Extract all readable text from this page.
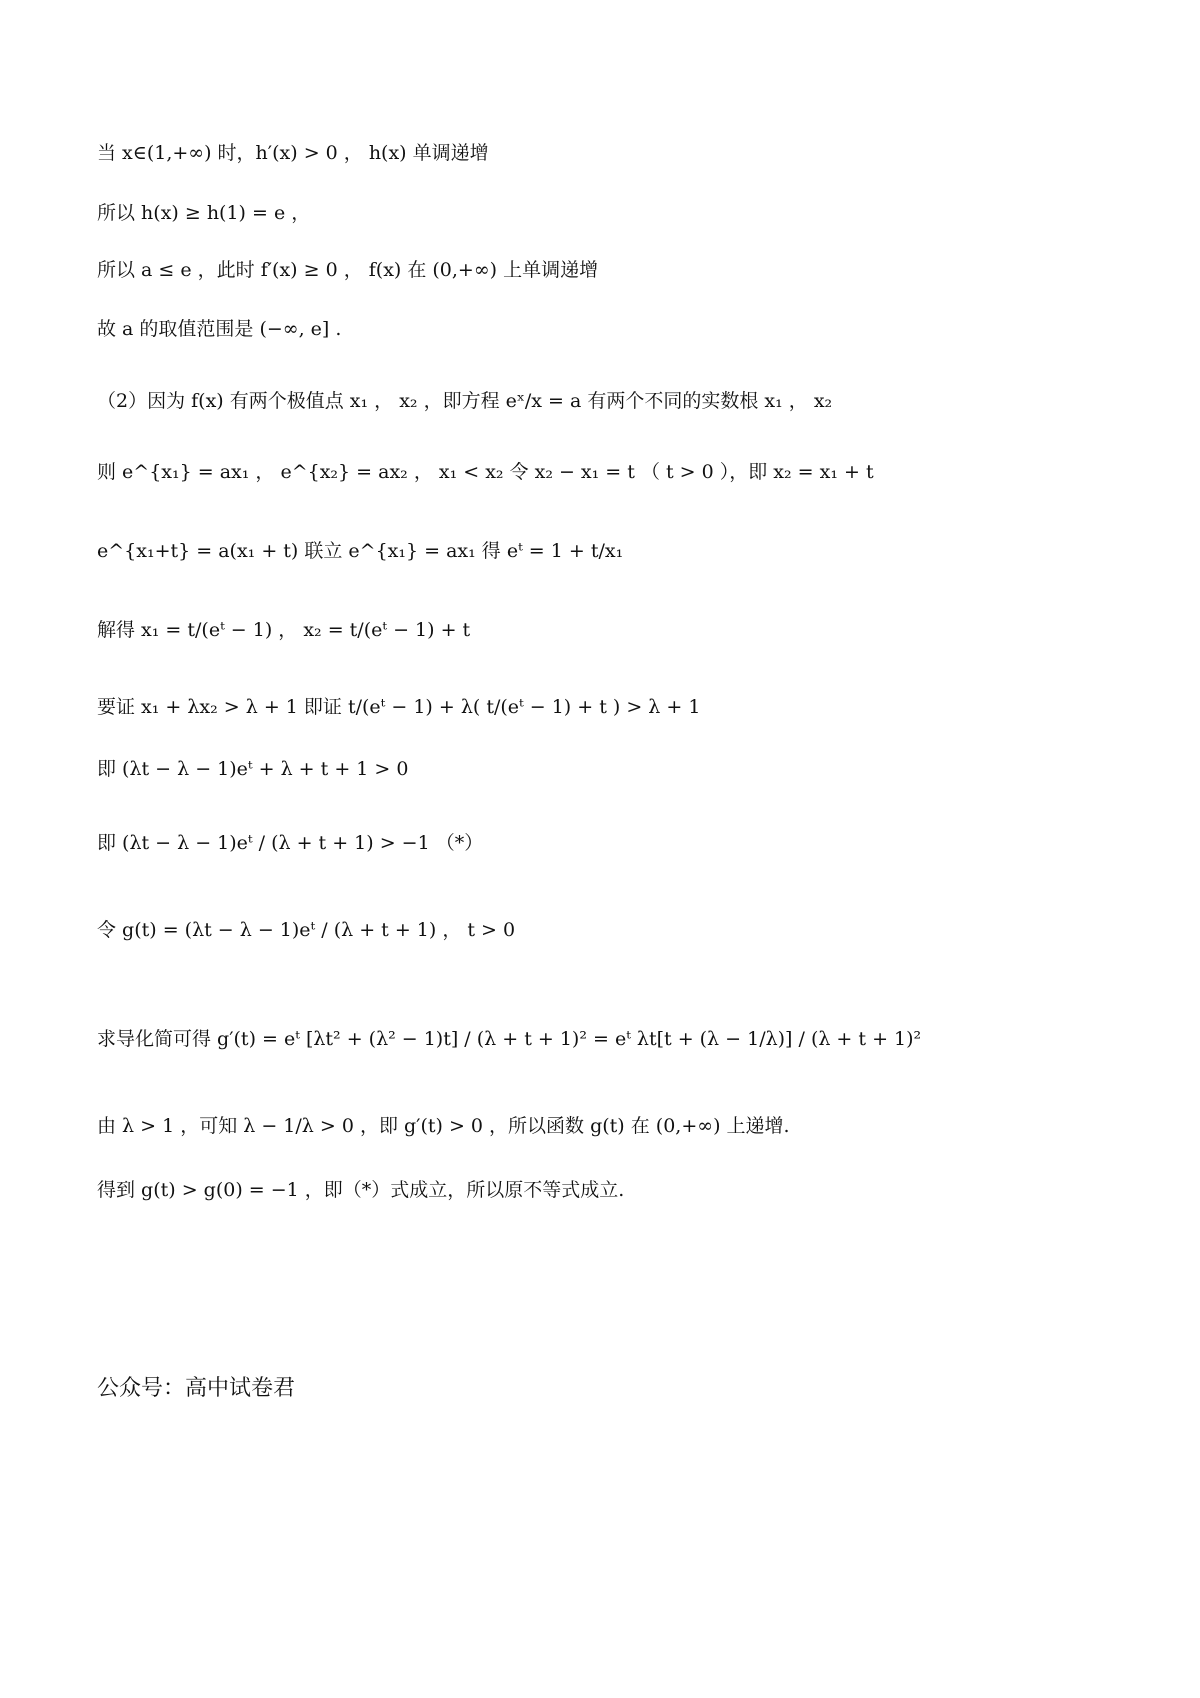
当 x∈(1,+∞) 时，h′(x) > 0 ， h(x) 单调递增
所以 h(x) ≥ h(1) = e ，
所以 a ≤ e ，此时 f′(x) ≥ 0 ， f(x) 在 (0,+∞) 上单调递增
故 a 的取值范围是 (−∞, e] .
（2）因为 f(x) 有两个极值点 x₁ ， x₂ ，即方程 eˣ/x = a 有两个不同的实数根 x₁ ， x₂
则 e^{x₁} = ax₁ ， e^{x₂} = ax₂ ， x₁ < x₂ 令 x₂ − x₁ = t （ t > 0 ），即 x₂ = x₁ + t
e^{x₁+t} = a(x₁ + t) 联立 e^{x₁} = ax₁ 得 eᵗ = 1 + t/x₁
解得 x₁ = t/(eᵗ − 1) ， x₂ = t/(eᵗ − 1) + t
要证 x₁ + λx₂ > λ + 1 即证 t/(eᵗ − 1) + λ( t/(eᵗ − 1) + t ) > λ + 1
即 (λt − λ − 1)eᵗ + λ + t + 1 > 0
即 (λt − λ − 1)eᵗ / (λ + t + 1) > −1 （*）
令 g(t) = (λt − λ − 1)eᵗ / (λ + t + 1) ， t > 0
求导化简可得 g′(t) = eᵗ [λt² + (λ² − 1)t] / (λ + t + 1)² = eᵗ λt[t + (λ − 1/λ)] / (λ + t + 1)²
由 λ > 1 ，可知 λ − 1/λ > 0 ，即 g′(t) > 0 ，所以函数 g(t) 在 (0,+∞) 上递增.
得到 g(t) > g(0) = −1 ，即（*）式成立，所以原不等式成立.
公众号：高中试卷君
